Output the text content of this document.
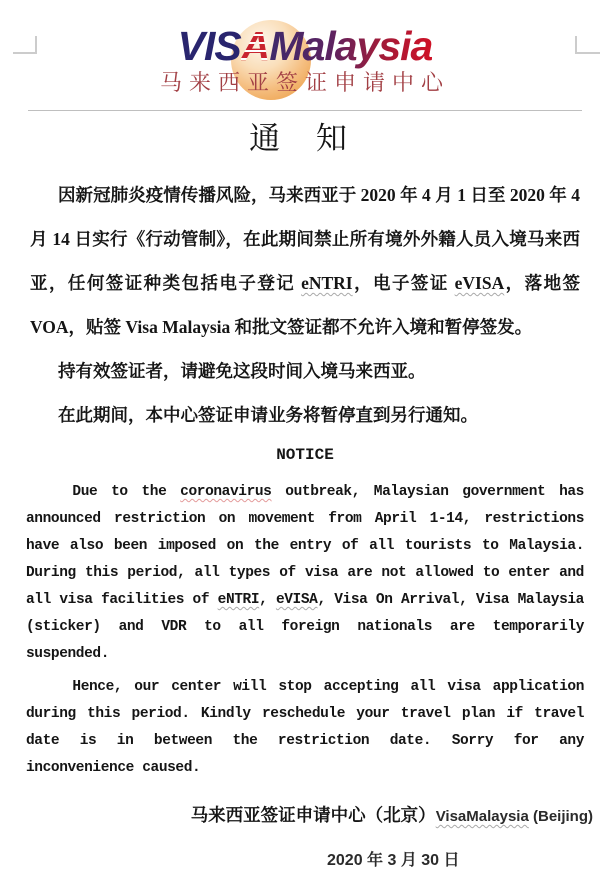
VISAMalaysia
马来西亚签证申请中心
通 知

因新冠肺炎疫情传播风险，马来西亚于 2020 年 4 月 1 日至 2020 年 4 月 14 日实行《行动管制》，在此期间禁止所有境外外籍人员入境马来西亚，任何签证种类包括电子登记 eNTRI，电子签证 eVISA，落地签 VOA，贴签 Visa Malaysia 和批文签证都不允许入境和暂停签发。

持有效签证者，请避免这段时间入境马来西亚。

在此期间，本中心签证申请业务将暂停直到另行通知。

NOTICE

Due to the coronavirus outbreak, Malaysian government has announced restriction on movement from April 1-14, restrictions have also been imposed on the entry of all tourists to Malaysia. During this period, all types of visa are not allowed to enter and all visa facilities of eNTRI, eVISA, Visa On Arrival, Visa Malaysia (sticker) and VDR to all foreign nationals are temporarily suspended.

Hence, our center will stop accepting all visa application during this period. Kindly reschedule your travel plan if travel date is in between the restriction date. Sorry for any inconvenience caused.

马来西亚签证申请中心（北京）VisaMalaysia (Beijing)
2020 年 3 月 30 日
